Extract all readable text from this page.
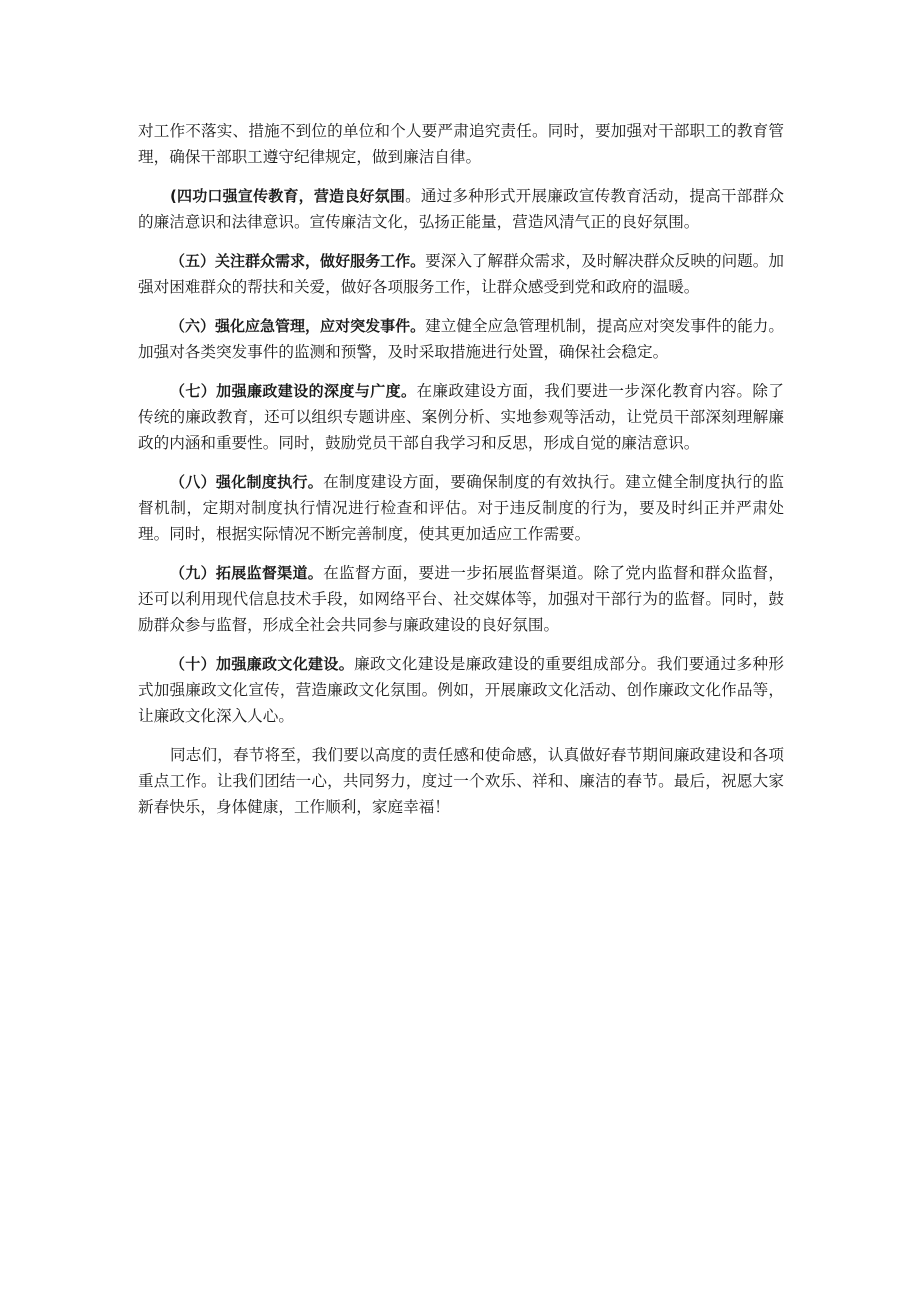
对工作不落实、措施不到位的单位和个人要严肃追究责任。同时，要加强对干部职工的教育管理，确保干部职工遵守纪律规定，做到廉洁自律。

(四功口强宣传教育，营造良好氛围。通过多种形式开展廉政宣传教育活动，提高干部群众的廉洁意识和法律意识。宣传廉洁文化，弘扬正能量，营造风清气正的良好氛围。

（五）关注群众需求，做好服务工作。要深入了解群众需求，及时解决群众反映的问题。加强对困难群众的帮扶和关爱，做好各项服务工作，让群众感受到党和政府的温暖。

（六）强化应急管理，应对突发事件。建立健全应急管理机制，提高应对突发事件的能力。加强对各类突发事件的监测和预警，及时采取措施进行处置，确保社会稳定。

（七）加强廉政建设的深度与广度。在廉政建设方面，我们要进一步深化教育内容。除了传统的廉政教育，还可以组织专题讲座、案例分析、实地参观等活动，让党员干部深刻理解廉政的内涵和重要性。同时，鼓励党员干部自我学习和反思，形成自觉的廉洁意识。

（八）强化制度执行。在制度建设方面，要确保制度的有效执行。建立健全制度执行的监督机制，定期对制度执行情况进行检查和评估。对于违反制度的行为，要及时纠正并严肃处理。同时，根据实际情况不断完善制度，使其更加适应工作需要。

（九）拓展监督渠道。在监督方面，要进一步拓展监督渠道。除了党内监督和群众监督，还可以利用现代信息技术手段，如网络平台、社交媒体等，加强对干部行为的监督。同时，鼓励群众参与监督，形成全社会共同参与廉政建设的良好氛围。

（十）加强廉政文化建设。廉政文化建设是廉政建设的重要组成部分。我们要通过多种形式加强廉政文化宣传，营造廉政文化氛围。例如，开展廉政文化活动、创作廉政文化作品等，让廉政文化深入人心。

同志们，春节将至，我们要以高度的责任感和使命感，认真做好春节期间廉政建设和各项重点工作。让我们团结一心，共同努力，度过一个欢乐、祥和、廉洁的春节。最后，祝愿大家新春快乐，身体健康，工作顺利，家庭幸福！
